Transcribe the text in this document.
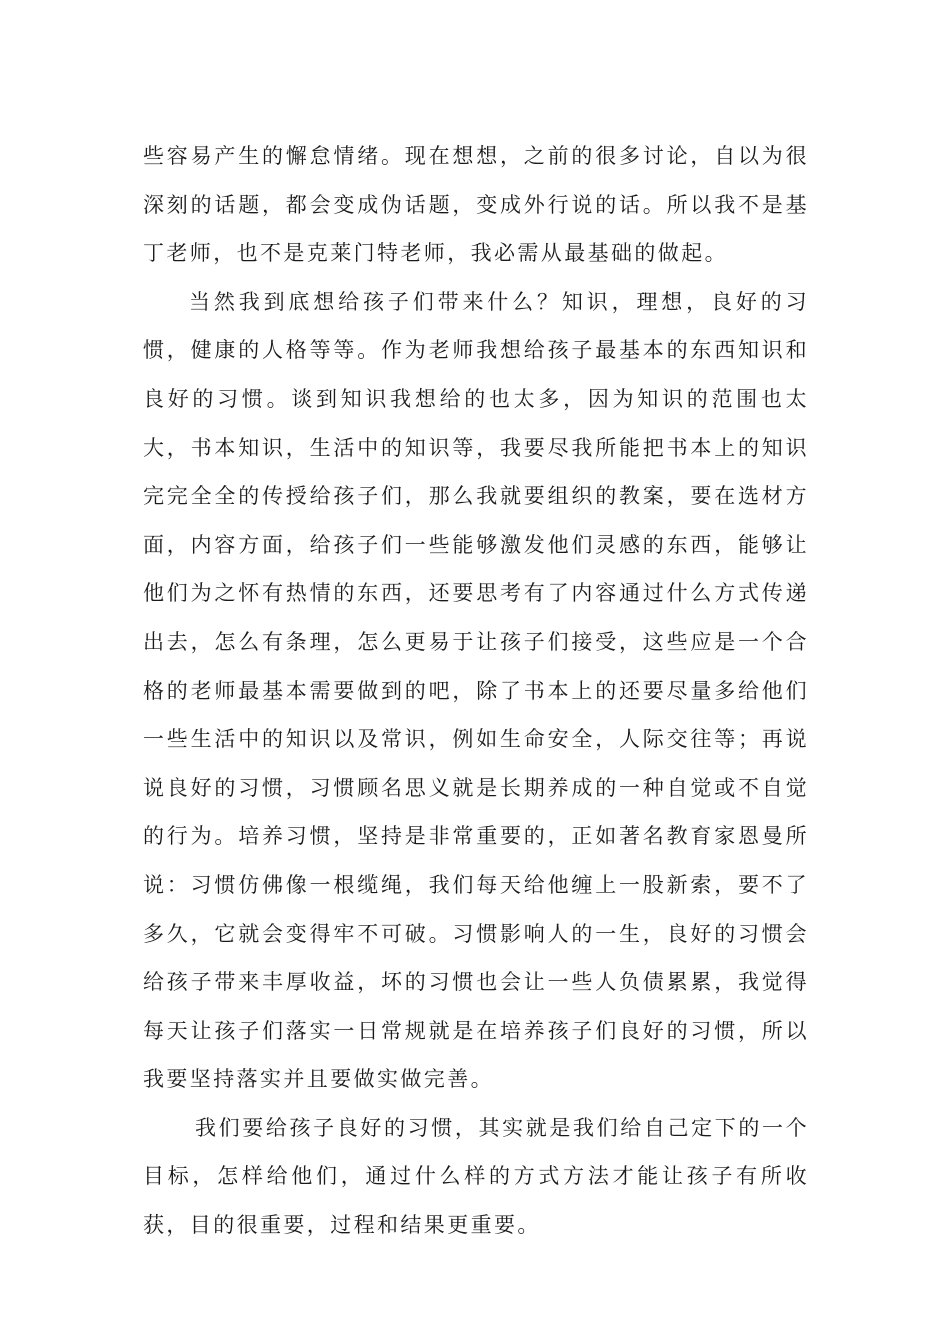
些容易产生的懈怠情绪。现在想想，之前的很多讨论，自以为很深刻的话题，都会变成伪话题，变成外行说的话。所以我不是基丁老师，也不是克莱门特老师，我必需从最基础的做起。

当然我到底想给孩子们带来什么？知识，理想，良好的习惯，健康的人格等等。作为老师我想给孩子最基本的东西知识和良好的习惯。谈到知识我想给的也太多，因为知识的范围也太大，书本知识，生活中的知识等，我要尽我所能把书本上的知识完完全全的传授给孩子们，那么我就要组织的教案，要在选材方面，内容方面，给孩子们一些能够激发他们灵感的东西，能够让他们为之怀有热情的东西，还要思考有了内容通过什么方式传递出去，怎么有条理，怎么更易于让孩子们接受，这些应是一个合格的老师最基本需要做到的吧，除了书本上的还要尽量多给他们一些生活中的知识以及常识，例如生命安全，人际交往等；再说说良好的习惯，习惯顾名思义就是长期养成的一种自觉或不自觉的行为。培养习惯，坚持是非常重要的，正如著名教育家恩曼所说：习惯仿佛像一根缆绳，我们每天给他缠上一股新索，要不了多久，它就会变得牢不可破。习惯影响人的一生，良好的习惯会给孩子带来丰厚收益，坏的习惯也会让一些人负债累累，我觉得每天让孩子们落实一日常规就是在培养孩子们良好的习惯，所以我要坚持落实并且要做实做完善。

我们要给孩子良好的习惯，其实就是我们给自己定下的一个目标，怎样给他们，通过什么样的方式方法才能让孩子有所收获，目的很重要，过程和结果更重要。
